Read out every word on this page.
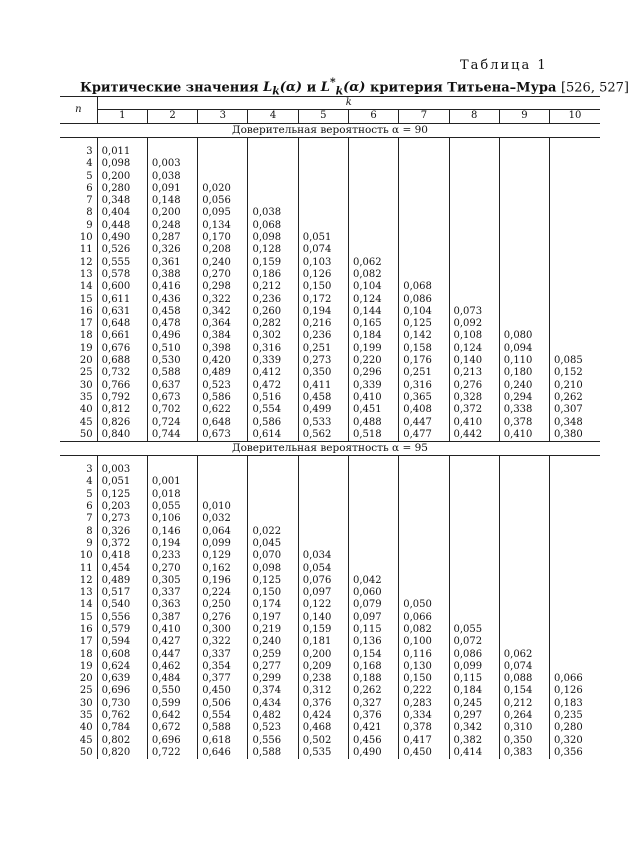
Таблица 1
Критические значения $L_k(\alpha)$ и $L^*_k(\alpha)$ критерия Титьена–Мура [526, 527]
n	k									
	1	2	3	4	5	6	7	8	9	10
Доверительная вероятность α = 90										

3	0,011									
4	0,098	0,003								
5	0,200	0,038								
6	0,280	0,091	0,020							
7	0,348	0,148	0,056							
8	0,404	0,200	0,095	0,038						
9	0,448	0,248	0,134	0,068						
10	0,490	0,287	0,170	0,098	0,051					
11	0,526	0,326	0,208	0,128	0,074					
12	0,555	0,361	0,240	0,159	0,103	0,062				
13	0,578	0,388	0,270	0,186	0,126	0,082				
14	0,600	0,416	0,298	0,212	0,150	0,104	0,068			
15	0,611	0,436	0,322	0,236	0,172	0,124	0,086			
16	0,631	0,458	0,342	0,260	0,194	0,144	0,104	0,073		
17	0,648	0,478	0,364	0,282	0,216	0,165	0,125	0,092		
18	0,661	0,496	0,384	0,302	0,236	0,184	0,142	0,108	0,080	
19	0,676	0,510	0,398	0,316	0,251	0,199	0,158	0,124	0,094	
20	0,688	0,530	0,420	0,339	0,273	0,220	0,176	0,140	0,110	0,085
25	0,732	0,588	0,489	0,412	0,350	0,296	0,251	0,213	0,180	0,152
30	0,766	0,637	0,523	0,472	0,411	0,339	0,316	0,276	0,240	0,210
35	0,792	0,673	0,586	0,516	0,458	0,410	0,365	0,328	0,294	0,262
40	0,812	0,702	0,622	0,554	0,499	0,451	0,408	0,372	0,338	0,307
45	0,826	0,724	0,648	0,586	0,533	0,488	0,447	0,410	0,378	0,348
50	0,840	0,744	0,673	0,614	0,562	0,518	0,477	0,442	0,410	0,380
Доверительная вероятность α = 95										

3	0,003									
4	0,051	0,001								
5	0,125	0,018								
6	0,203	0,055	0,010							
7	0,273	0,106	0,032							
8	0,326	0,146	0,064	0,022						
9	0,372	0,194	0,099	0,045						
10	0,418	0,233	0,129	0,070	0,034					
11	0,454	0,270	0,162	0,098	0,054					
12	0,489	0,305	0,196	0,125	0,076	0,042				
13	0,517	0,337	0,224	0,150	0,097	0,060				
14	0,540	0,363	0,250	0,174	0,122	0,079	0,050			
15	0,556	0,387	0,276	0,197	0,140	0,097	0,066			
16	0,579	0,410	0,300	0,219	0,159	0,115	0,082	0,055		
17	0,594	0,427	0,322	0,240	0,181	0,136	0,100	0,072		
18	0,608	0,447	0,337	0,259	0,200	0,154	0,116	0,086	0,062	
19	0,624	0,462	0,354	0,277	0,209	0,168	0,130	0,099	0,074	
20	0,639	0,484	0,377	0,299	0,238	0,188	0,150	0,115	0,088	0,066
25	0,696	0,550	0,450	0,374	0,312	0,262	0,222	0,184	0,154	0,126
30	0,730	0,599	0,506	0,434	0,376	0,327	0,283	0,245	0,212	0,183
35	0,762	0,642	0,554	0,482	0,424	0,376	0,334	0,297	0,264	0,235
40	0,784	0,672	0,588	0,523	0,468	0,421	0,378	0,342	0,310	0,280
45	0,802	0,696	0,618	0,556	0,502	0,456	0,417	0,382	0,350	0,320
50	0,820	0,722	0,646	0,588	0,535	0,490	0,450	0,414	0,383	0,356
